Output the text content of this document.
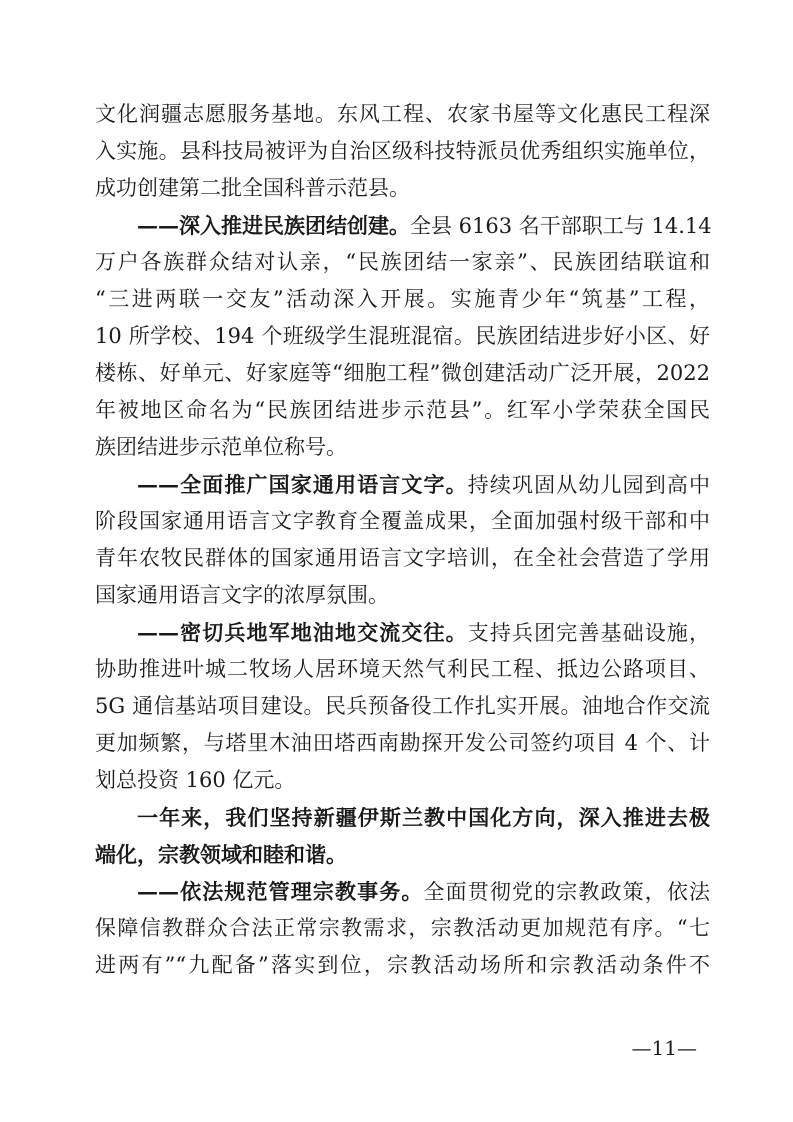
文化润疆志愿服务基地。东风工程、农家书屋等文化惠民工程深
入实施。县科技局被评为自治区级科技特派员优秀组织实施单位，
成功创建第二批全国科普示范县。
——深入推进民族团结创建。全县 6163 名干部职工与 14.14
万户各族群众结对认亲，“民族团结一家亲”、民族团结联谊和
“三进两联一交友”活动深入开展。实施青少年“筑基”工程，
10 所学校、194 个班级学生混班混宿。民族团结进步好小区、好
楼栋、好单元、好家庭等“细胞工程”微创建活动广泛开展，2022
年被地区命名为“民族团结进步示范县”。红军小学荣获全国民
族团结进步示范单位称号。
——全面推广国家通用语言文字。持续巩固从幼儿园到高中
阶段国家通用语言文字教育全覆盖成果，全面加强村级干部和中
青年农牧民群体的国家通用语言文字培训，在全社会营造了学用
国家通用语言文字的浓厚氛围。
——密切兵地军地油地交流交往。支持兵团完善基础设施，
协助推进叶城二牧场人居环境天然气利民工程、抵边公路项目、
5G 通信基站项目建设。民兵预备役工作扎实开展。油地合作交流
更加频繁，与塔里木油田塔西南勘探开发公司签约项目 4 个、计
划总投资 160 亿元。
一年来，我们坚持新疆伊斯兰教中国化方向，深入推进去极
端化，宗教领域和睦和谐。
——依法规范管理宗教事务。全面贯彻党的宗教政策，依法
保障信教群众合法正常宗教需求，宗教活动更加规范有序。“七
进两有”“九配备”落实到位，宗教活动场所和宗教活动条件不
—11—
